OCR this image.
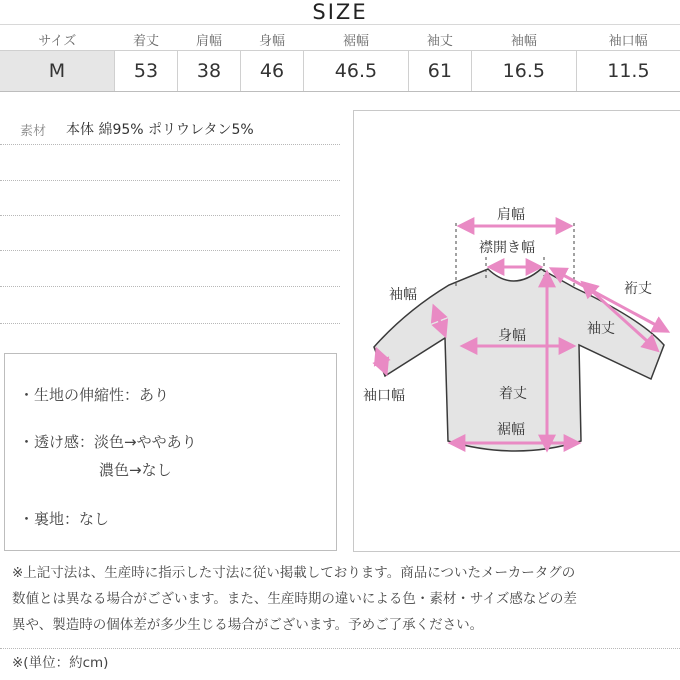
SIZE
サイズ	着丈	肩幅	身幅	裾幅	袖丈	袖幅	袖口幅
M	53	38	46	46.5	61	16.5	11.5
素材 本体 綿95% ポリウレタン5%
・生地の伸縮性：あり
・透け感：淡色→ややあり
濃色→なし
・裏地：なし
肩幅
襟開き幅
裄丈
袖幅
袖丈
身幅
袖口幅	着丈
裾幅
※上記寸法は、生産時に指示した寸法に従い掲載しております。商品についたメーカータグの
数値とは異なる場合がございます。また、生産時期の違いによる色・素材・サイズ感などの差
異や、製造時の個体差が多少生じる場合がございます。予めご了承ください。
※(単位：約cm)
